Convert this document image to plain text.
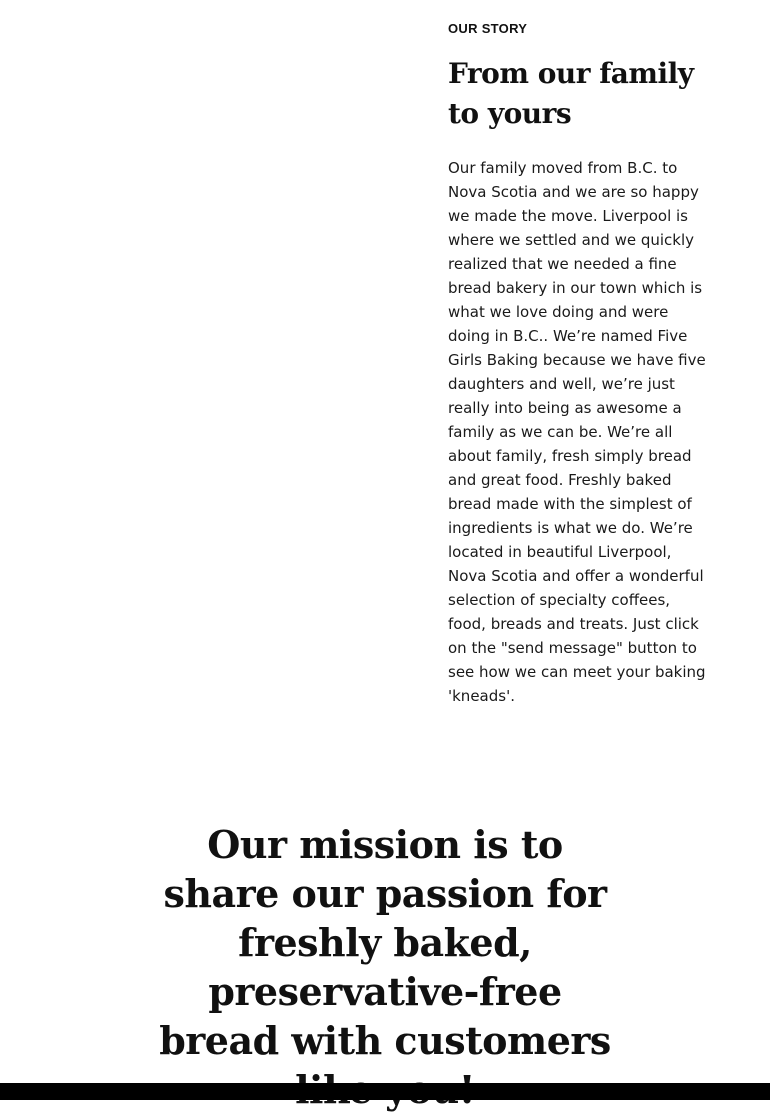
OUR STORY

From our family to yours

Our family moved from B.C. to Nova Scotia and we are so happy we made the move. Liverpool is where we settled and we quickly realized that we needed a fine bread bakery in our town which is what we love doing and were doing in B.C.. We’re named Five Girls Baking because we have five daughters and well, we’re just really into being as awesome a family as we can be. We’re all about family, fresh simply bread and great food. Freshly baked bread made with the simplest of ingredients is what we do. We’re located in beautiful Liverpool, Nova Scotia and offer a wonderful selection of specialty coffees, food, breads and treats. Just click on the "send message" button to see how we can meet your baking 'kneads'.

Our mission is to share our passion for freshly baked, preservative-free bread with customers
